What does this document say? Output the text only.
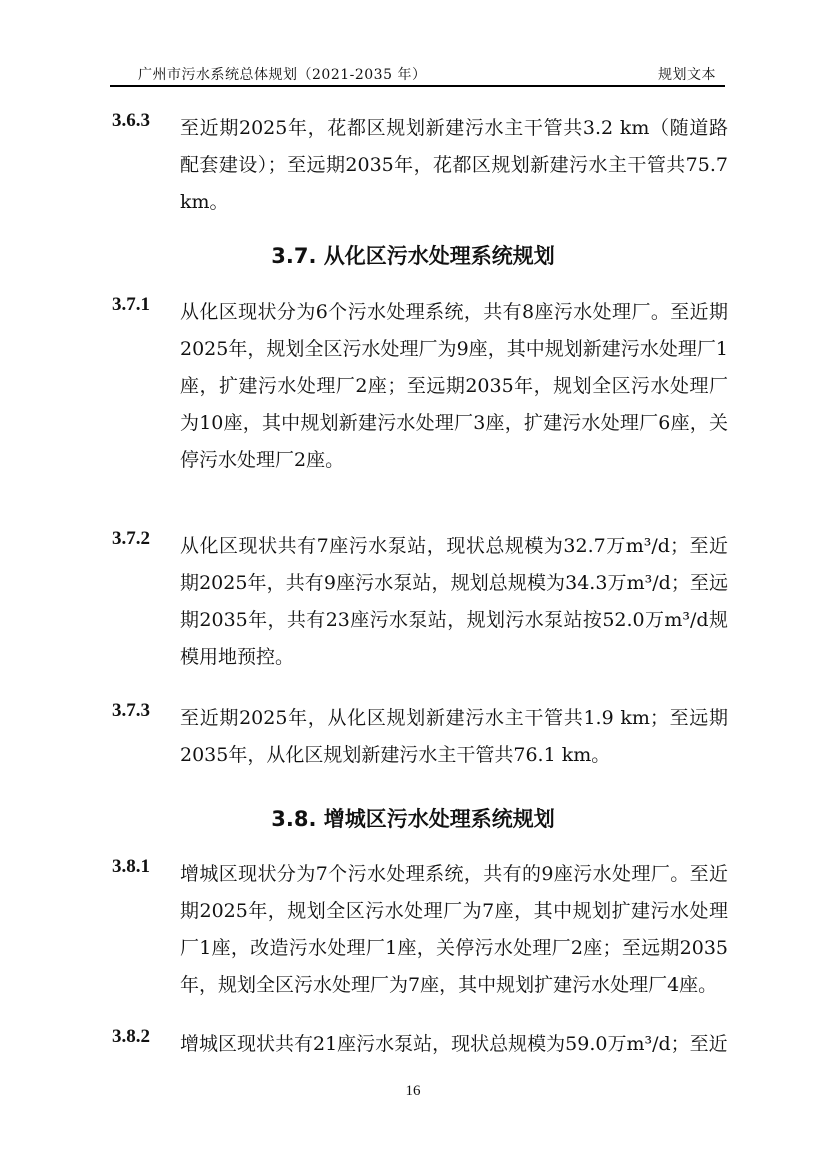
广州市污水系统总体规划（2021-2035 年）	规划文本
3.6.3 至近期2025年，花都区规划新建污水主干管共3.2 km（随道路配套建设）；至远期2035年，花都区规划新建污水主干管共75.7 km。
3.7. 从化区污水处理系统规划
3.7.1 从化区现状分为6个污水处理系统，共有8座污水处理厂。至近期2025年，规划全区污水处理厂为9座，其中规划新建污水处理厂1座，扩建污水处理厂2座；至远期2035年，规划全区污水处理厂为10座，其中规划新建污水处理厂3座，扩建污水处理厂6座，关停污水处理厂2座。
3.7.2 从化区现状共有7座污水泵站，现状总规模为32.7万m³/d；至近期2025年，共有9座污水泵站，规划总规模为34.3万m³/d；至远期2035年，共有23座污水泵站，规划污水泵站按52.0万m³/d规模用地预控。
3.7.3 至近期2025年，从化区规划新建污水主干管共1.9 km；至远期2035年，从化区规划新建污水主干管共76.1 km。
3.8. 增城区污水处理系统规划
3.8.1 增城区现状分为7个污水处理系统，共有的9座污水处理厂。至近期2025年，规划全区污水处理厂为7座，其中规划扩建污水处理厂1座，改造污水处理厂1座，关停污水处理厂2座；至远期2035年，规划全区污水处理厂为7座，其中规划扩建污水处理厂4座。
3.8.2 增城区现状共有21座污水泵站，现状总规模为59.0万m³/d；至近
16
